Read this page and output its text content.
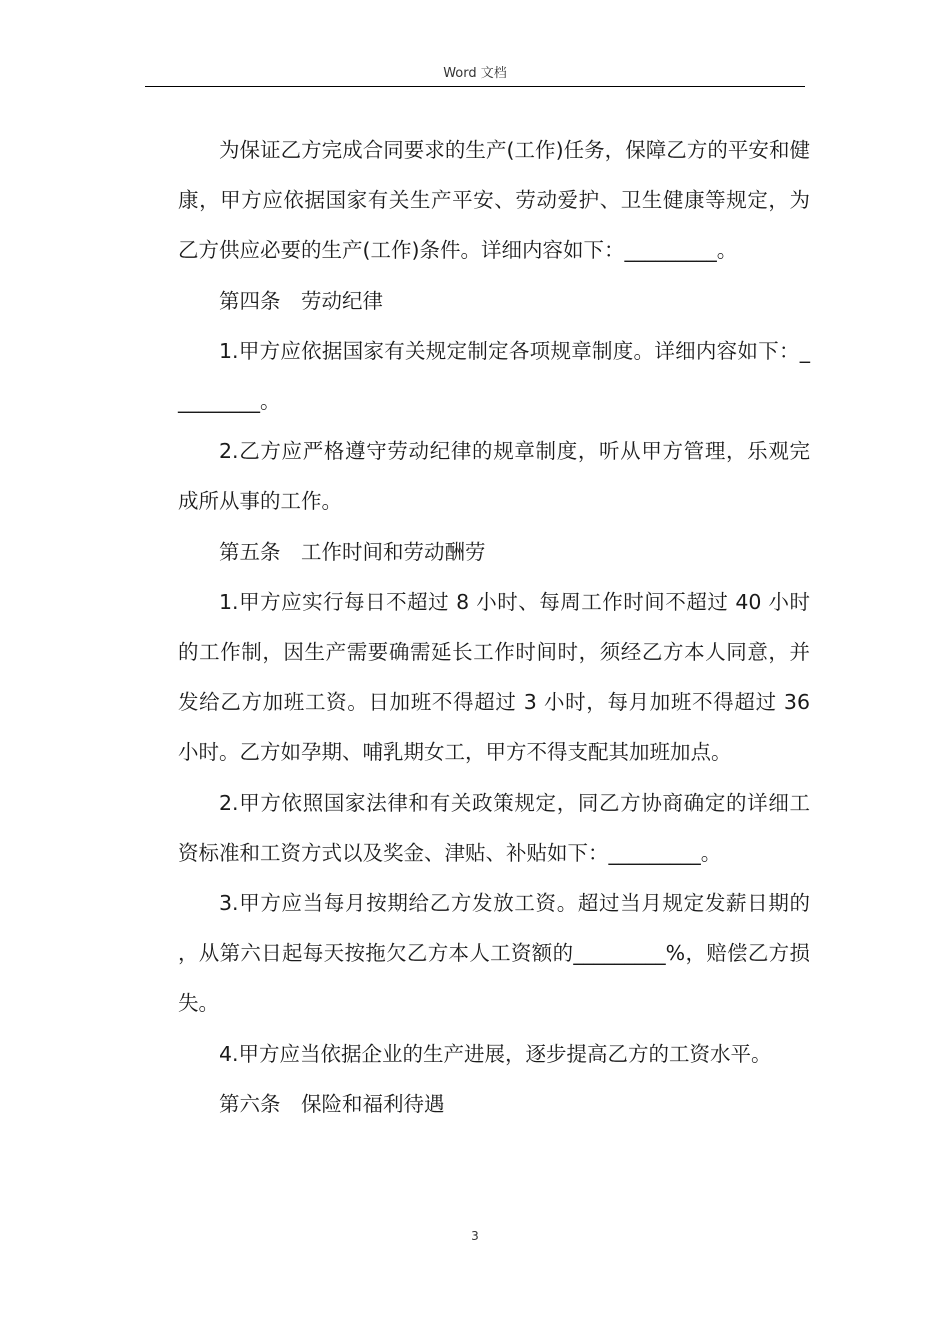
Word 文档

为保证乙方完成合同要求的生产(工作)任务，保障乙方的平安和健康，甲方应依据国家有关生产平安、劳动爱护、卫生健康等规定，为乙方供应必要的生产(工作)条件。详细内容如下：_________。

第四条　劳动纪律

1.甲方应依据国家有关规定制定各项规章制度。详细内容如下：_________。

2.乙方应严格遵守劳动纪律的规章制度，听从甲方管理，乐观完成所从事的工作。

第五条　工作时间和劳动酬劳

1.甲方应实行每日不超过 8 小时、每周工作时间不超过 40 小时的工作制，因生产需要确需延长工作时间时，须经乙方本人同意，并发给乙方加班工资。日加班不得超过 3 小时，每月加班不得超过 36 小时。乙方如孕期、哺乳期女工，甲方不得支配其加班加点。

2.甲方依照国家法律和有关政策规定，同乙方协商确定的详细工资标准和工资方式以及奖金、津贴、补贴如下：_________。

3.甲方应当每月按期给乙方发放工资。超过当月规定发薪日期的，从第六日起每天按拖欠乙方本人工资额的_________%，赔偿乙方损失。

4.甲方应当依据企业的生产进展，逐步提高乙方的工资水平。

第六条　保险和福利待遇

3
